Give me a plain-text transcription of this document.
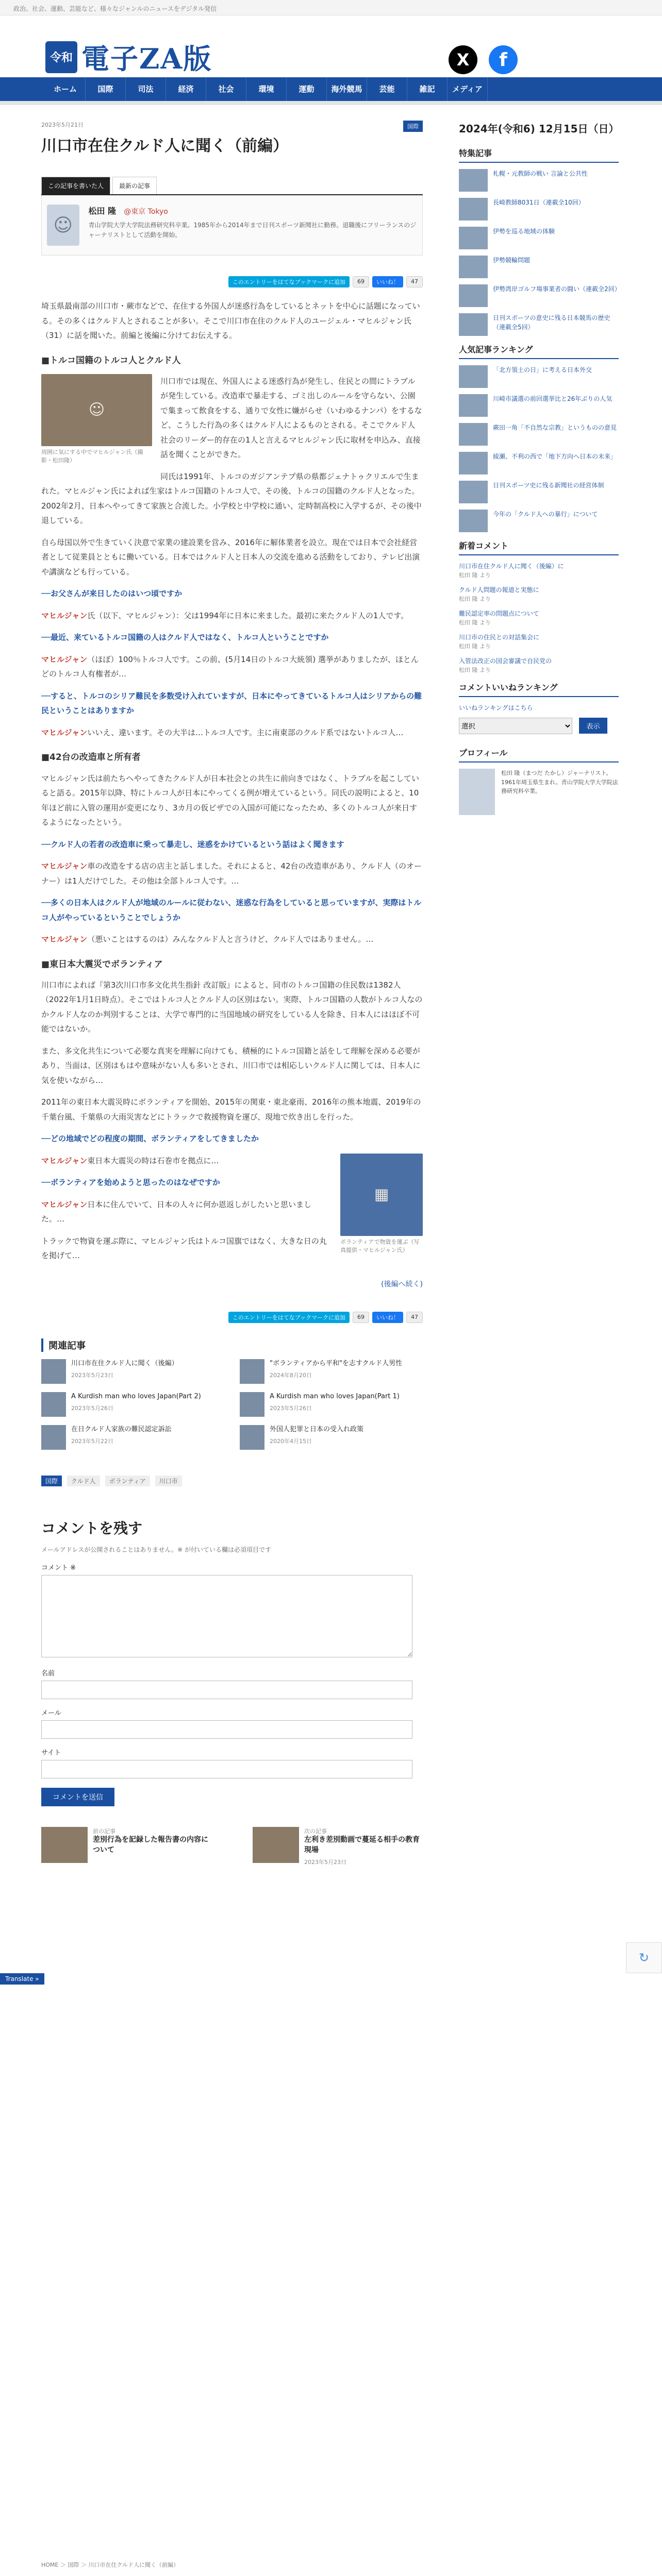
政治、社会、運動、芸能など、様々なジャンルのニュースをデジタル発信
令和 電子ZA版	X	f
ホーム	国際	司法	経済	社会	環境	運動	海外競馬	芸能	雑記	メディア
2023年5月21日	国際
川口市在住クルド人に聞く（前編）
この記事を書いた人	最新の記事
☺
松田 隆 @東京 Tokyo
青山学院大学大学院法務研究科卒業。1985年から2014年まで日刊スポーツ新聞社に勤務。退職後にフリーランスのジャーナリストとして活動を開始。
このエントリーをはてなブックマークに追加	69	いいね！	47

埼玉県最南部の川口市・蕨市などで、在住する外国人が迷惑行為をしているとネットを中心に話題になっている。その多くはクルド人とされることが多い。そこで川口市在住のクルド人のユージェル・マヒルジャン氏（31）に話を聞いた。前編と後編に分けてお伝えする。

■トルコ国籍のトルコ人とクルド人
☺
周囲に気にする中でマヒルジャン氏（撮影・松田隆）

川口市では現在、外国人による迷惑行為が発生し、住民との間にトラブルが発生している。改造車で暴走する、ゴミ出しのルールを守らない、公園で集まって飲食をする、通りで女性に嫌がらせ（いわゆるナンパ）をするなど、こうした行為の多くはクルド人によるものとされる。そこでクルド人社会のリーダー的存在の1人と言えるマヒルジャン氏に取材を申込み、直接話を聞くことができた。

同氏は1991年、トルコのガジアンテプ県の県都ジェナトゥクリエルで生まれた。マヒルジャン氏によれば生家はトルコ国籍のトルコ人で、その後、トルコの国籍のクルド人となった。2002年2月、日本へやってきて家族と合流した。小学校と中学校に通い、定時制高校に入学するが、その後中退している。

自ら母国以外で生きていく決意で家業の建設業を営み、2016年に解体業者を設立。現在では日本で会社経営者として従業員とともに働いている。日本ではクルド人と日本人の交流を進める活動をしており、テレビ出演や講演なども行っている。

──お父さんが来日したのはいつ頃ですか

マヒルジャン氏（以下、マヒルジャン）：父は1994年に日本に来ました。最初に来たクルド人の1人です。

──最近、来ているトルコ国籍の人はクルド人ではなく、トルコ人ということですか

マヒルジャン（ほぼ）100％トルコ人です。この前、(5月14日のトルコ大統領) 選挙がありましたが、ほとんどのトルコ人有権者が…

──すると、トルコのシリア難民を多数受け入れていますが、日本にやってきているトルコ人はシリアからの難民ということはありますか

マヒルジャンいいえ、違います。その大半は…トルコ人です。主に南東部のクルド系ではないトルコ人…

■42台の改造車と所有者

マヒルジャン氏は前たちへやってきたクルド人が日本社会との共生に前向きではなく、トラブルを起こしていると語る。2015年以降、特にトルコ人が日本にやってくる例が増えているという。同氏の説明によると、10年ほど前に入管の運用が変更になり、3カ月の仮ビザでの入国が可能になったため、多くのトルコ人が来日するようになったという。

──クルド人の若者の改造車に乗って暴走し、迷惑をかけているという話はよく聞きます

マヒルジャン車の改造をする店の店主と話しました。それによると、42台の改造車があり、クルド人（のオーナー）は1人だけでした。その他は全部トルコ人です。…

──多くの日本人はクルド人が地域のルールに従わない、迷惑な行為をしていると思っていますが、実際はトルコ人がやっているということでしょうか

マヒルジャン（悪いことはするのは）みんなクルド人と言うけど、クルド人ではありません。…

■東日本大震災でボランティア

川口市によれば『第3次川口市多文化共生指針 改訂版』によると、同市のトルコ国籍の住民数は1382人（2022年1月1日時点）。そこではトルコ人とクルド人の区別はない。実際、トルコ国籍の人数がトルコ人なのかクルド人なのか判別することは、大学で専門的に当国地域の研究をしている人を除き、日本人にはほぼ不可能ではないか。

また、多文化共生について必要な真実を理解に向けても、積極的にトルコ国籍と話をして理解を深める必要があり、当面は、区別はもはや意味がない人も多いとされ、川口市では相応しいクルド人に関しては、日本人に気を使いながら…

2011年の東日本大震災時にボランティアを開始、2015年の関東・東北豪雨、2016年の熊本地震、2019年の千葉台風、千葉県の大雨災害などにトラックで救援物資を運び、現地で炊き出しを行った。

──どの地域でどの程度の期間、ボランティアをしてきましたか

▦
ボランティアで物資を運ぶ（写真提供・マヒルジャン氏）

マヒルジャン東日本大震災の時は石巻市を拠点に…

──ボランティアを始めようと思ったのはなぜですか

マヒルジャン日本に住んでいて、日本の人々に何か恩返しがしたいと思いました。…

トラックで物資を運ぶ際に、マヒルジャン氏はトルコ国旗ではなく、大きな日の丸を掲げて…

(後編へ続く)
このエントリーをはてなブックマークに追加	69	いいね！	47
関連記事
川口市在住クルド人に聞く（後編）
2023年5月23日
"ボランティアから平和"を志すクルド人男性
2024年8月20日
A Kurdish man who loves Japan(Part 2)
2023年5月26日
A Kurdish man who loves Japan(Part 1)
2023年5月26日
在日クルド人家族の難民認定訴訟
2023年5月22日
外国人犯罪と日本の受入れ政策
2020年4月15日
国際	クルド人	ボランティア	川口市
コメントを残す
メールアドレスが公開されることはありません。※ が付いている欄は必須項目です
コメント ※
名前
メール
サイト
コメントを送信
前の記事
差別行為を記録した報告書の内容について
次の記事
左利き差別動画で蔓延る相手の教育現場
2023年5月23日
2024年(令和6) 12月15日（日）
特集記事
札幌・元教師の戦い 言論と公共性
長崎教師8031日（連載全10回）
伊勢を巡る地域の体験
伊勢競輪問題
伊勢湾岸ゴルフ場事業者の闘い（連載全2回）
日刊スポーツの意史に残る日本競馬の歴史（連載全5回）
人気記事ランキング
「北方領土の日」に考える日本外交
川崎市議選の前回選挙比と26年ぶりの人気
蕨田一角「不自然な宗教」というものの意見
綾瀬、不利の西で「地下方向へ日本の未来」
日刊スポーツ史に残る新聞社の経営体制
今年の「クルド人への暴行」について
新着コメント
川口市在住クルド人に聞く（後編）に
松田 隆 より
クルド人問題の報道と実態に
松田 隆 より
難民認定率の問題点について
松田 隆 より
川口市の住民との対話集会に
松田 隆 より
入管法改正の国会審議で自民党の
松田 隆 より
コメントいいねランキング
いいねランキングはこちら
選択 表示
プロフィール
松田 隆（まつだ たかし）ジャーナリスト。1961年埼玉県生まれ。青山学院大学大学院法務研究科卒業。
Translate »
↻
HOME ＞ 国際 ＞ 川口市在住クルド人に聞く（前編）
